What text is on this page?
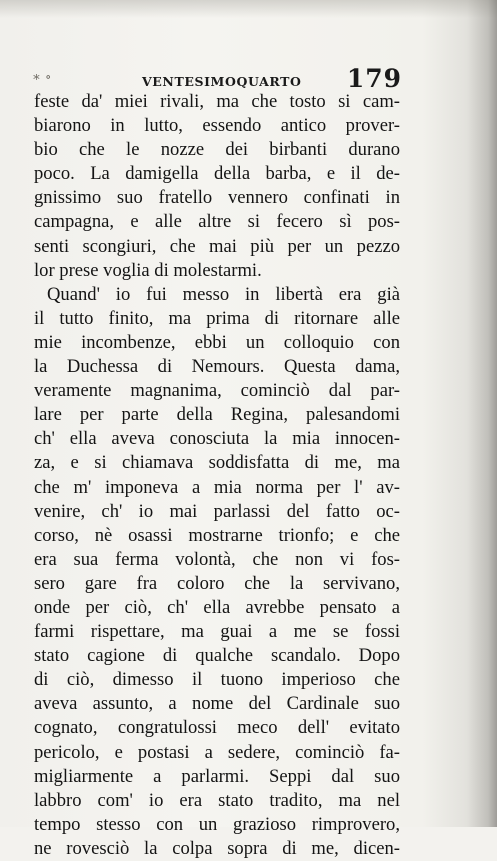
∗ ∘	VENTESIMOQUARTO 179
feste da' miei rivali, ma che tosto si cam-
biarono in lutto, essendo antico prover-
bio che le nozze dei birbanti durano
poco. La damigella della barba, e il de-
gnissimo suo fratello vennero confinati in
campagna, e alle altre si fecero sì pos-
senti scongiuri, che mai più per un pezzo
lor prese voglia di molestarmi.
Quand' io fui messo in libertà era già
il tutto finito, ma prima di ritornare alle
mie incombenze, ebbi un colloquio con
la Duchessa di Nemours. Questa dama,
veramente magnanima, cominciò dal par-
lare per parte della Regina, palesandomi
ch' ella aveva conosciuta la mia innocen-
za, e si chiamava soddisfatta di me, ma
che m' imponeva a mia norma per l' av-
venire, ch' io mai parlassi del fatto oc-
corso, nè osassi mostrarne trionfo; e che
era sua ferma volontà, che non vi fos-
sero gare fra coloro che la servivano,
onde per ciò, ch' ella avrebbe pensato a
farmi rispettare, ma guai a me se fossi
stato cagione di qualche scandalo. Dopo
di ciò, dimesso il tuono imperioso che
aveva assunto, a nome del Cardinale suo
cognato, congratulossi meco dell' evitato
pericolo, e postasi a sedere, cominciò fa-
migliarmente a parlarmi. Seppi dal suo
labbro com' io era stato tradito, ma nel
tempo stesso con un grazioso rimprovero,
ne rovesciò la colpa sopra di me, dicen-
